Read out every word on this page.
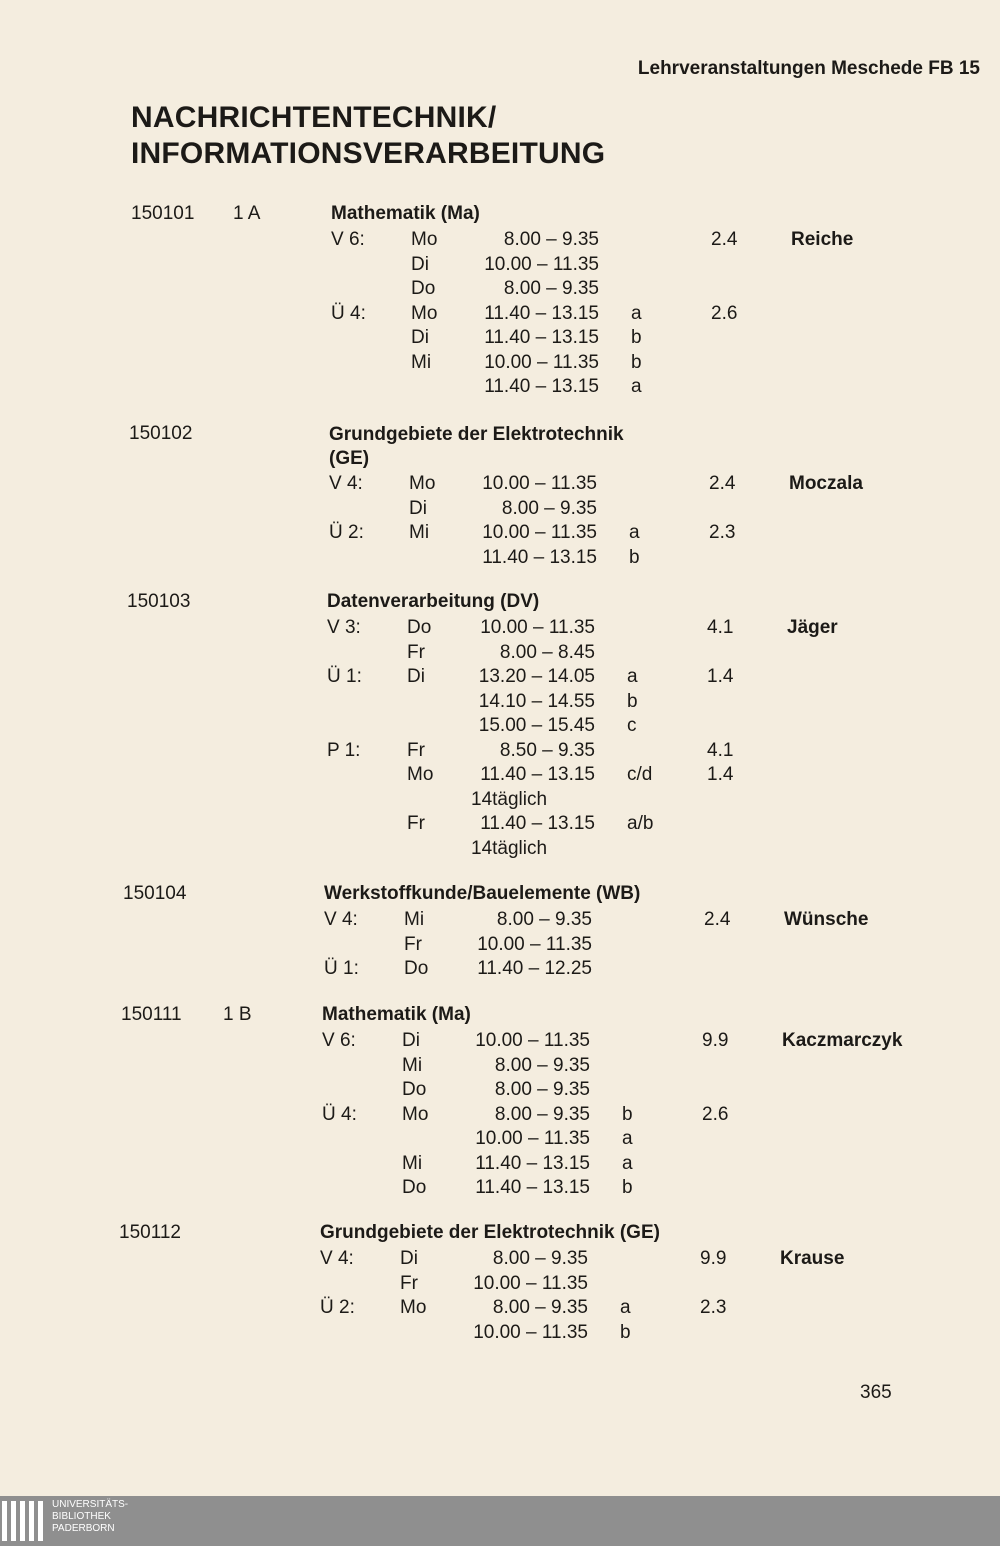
Lehrveranstaltungen Meschede FB 15
NACHRICHTENTECHNIK/
INFORMATIONSVERARBEITUNG
150101 1 A	Mathematik (Ma)
V 6: Mo	8.00 – 9.35	2.4	Reiche
Di	10.00 – 11.35
Do	8.00 – 9.35
Ü 4: Mo	11.40 – 13.15 a	2.6
Di	11.40 – 13.15 b
Mi	10.00 – 11.35 b
11.40 – 13.15 a
150102	Grundgebiete der Elektrotechnik (GE)
V 4: Mo	10.00 – 11.35	2.4	Moczala
Di	8.00 – 9.35
Ü 2: Mi	10.00 – 11.35 a	2.3
11.40 – 13.15 b
150103	Datenverarbeitung (DV)
V 3: Do	10.00 – 11.35	4.1	Jäger
Fr	8.00 – 8.45
Ü 1: Di	13.20 – 14.05 a	1.4
14.10 – 14.55 b
15.00 – 15.45 c
P 1: Fr	8.50 – 9.35	4.1
Mo	11.40 – 13.15 c/d	1.4
14täglich
Fr	11.40 – 13.15 a/b
14täglich
150104	Werkstoffkunde/Bauelemente (WB)
V 4: Mi	8.00 – 9.35	2.4	Wünsche
Fr	10.00 – 11.35
Ü 1: Do	11.40 – 12.25
150111 1 B	Mathematik (Ma)
V 6: Di	10.00 – 11.35	9.9	Kaczmarczyk
Mi	8.00 – 9.35
Do	8.00 – 9.35
Ü 4: Mo	8.00 – 9.35 b	2.6
10.00 – 11.35 a
Mi	11.40 – 13.15 a
Do	11.40 – 13.15 b
150112	Grundgebiete der Elektrotechnik (GE)
V 4: Di	8.00 – 9.35	9.9	Krause
Fr	10.00 – 11.35
Ü 2: Mo	8.00 – 9.35 a	2.3
10.00 – 11.35 b
365
UNIVERSITÄTS-
BIBLIOTHEK
PADERBORN
